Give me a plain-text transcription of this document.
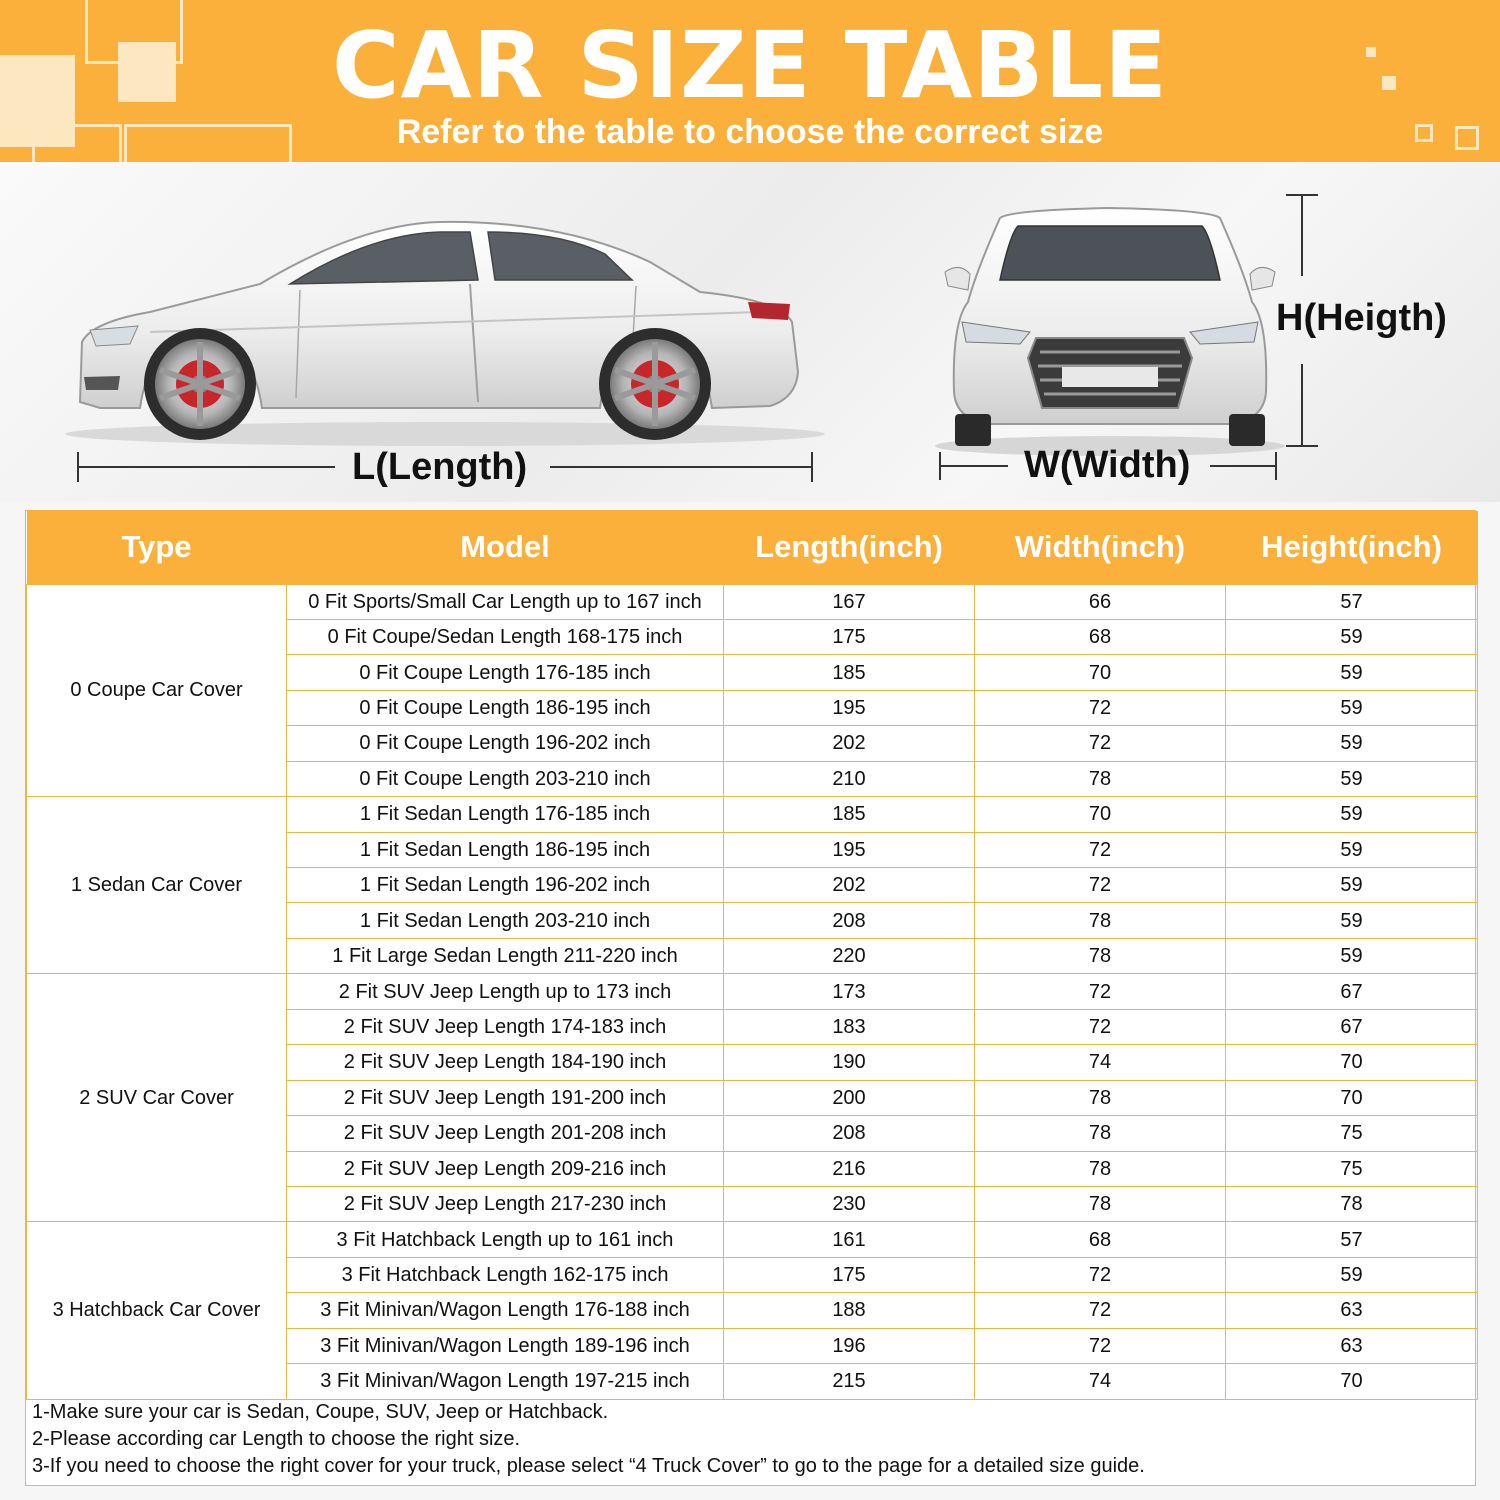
CAR SIZE TABLE
Refer to the table to choose the correct size
L(Length)	W(Width)
H(Heigth)
Type	Model	Length(inch)	Width(inch)	Height(inch)
0 Coupe Car Cover	0 Fit Sports/Small Car Length up to 167 inch	167	66	57
	0 Fit Coupe/Sedan Length 168-175 inch	175	68	59
	0 Fit Coupe Length 176-185 inch	185	70	59
	0 Fit Coupe Length 186-195 inch	195	72	59
	0 Fit Coupe Length 196-202 inch	202	72	59
	0 Fit Coupe Length 203-210 inch	210	78	59
1 Sedan Car Cover	1 Fit Sedan Length 176-185 inch	185	70	59
	1 Fit Sedan Length 186-195 inch	195	72	59
	1 Fit Sedan Length 196-202 inch	202	72	59
	1 Fit Sedan Length 203-210 inch	208	78	59
	1 Fit Large Sedan Length 211-220 inch	220	78	59
2 SUV Car Cover	2 Fit SUV Jeep Length up to 173 inch	173	72	67
	2 Fit SUV Jeep Length 174-183 inch	183	72	67
	2 Fit SUV Jeep Length 184-190 inch	190	74	70
	2 Fit SUV Jeep Length 191-200 inch	200	78	70
	2 Fit SUV Jeep Length 201-208 inch	208	78	75
	2 Fit SUV Jeep Length 209-216 inch	216	78	75
	2 Fit SUV Jeep Length 217-230 inch	230	78	78
3 Hatchback Car Cover	3 Fit Hatchback Length up to 161 inch	161	68	57
	3 Fit Hatchback Length 162-175 inch	175	72	59
	3 Fit Minivan/Wagon Length 176-188 inch	188	72	63
	3 Fit Minivan/Wagon Length 189-196 inch	196	72	63
	3 Fit Minivan/Wagon Length 197-215 inch	215	74	70
1-Make sure your car is Sedan, Coupe, SUV, Jeep or Hatchback.
2-Please according car Length to choose the right size.
3-If you need to choose the right cover for your truck, please select “4 Truck Cover” to go to the page for a detailed size guide.
